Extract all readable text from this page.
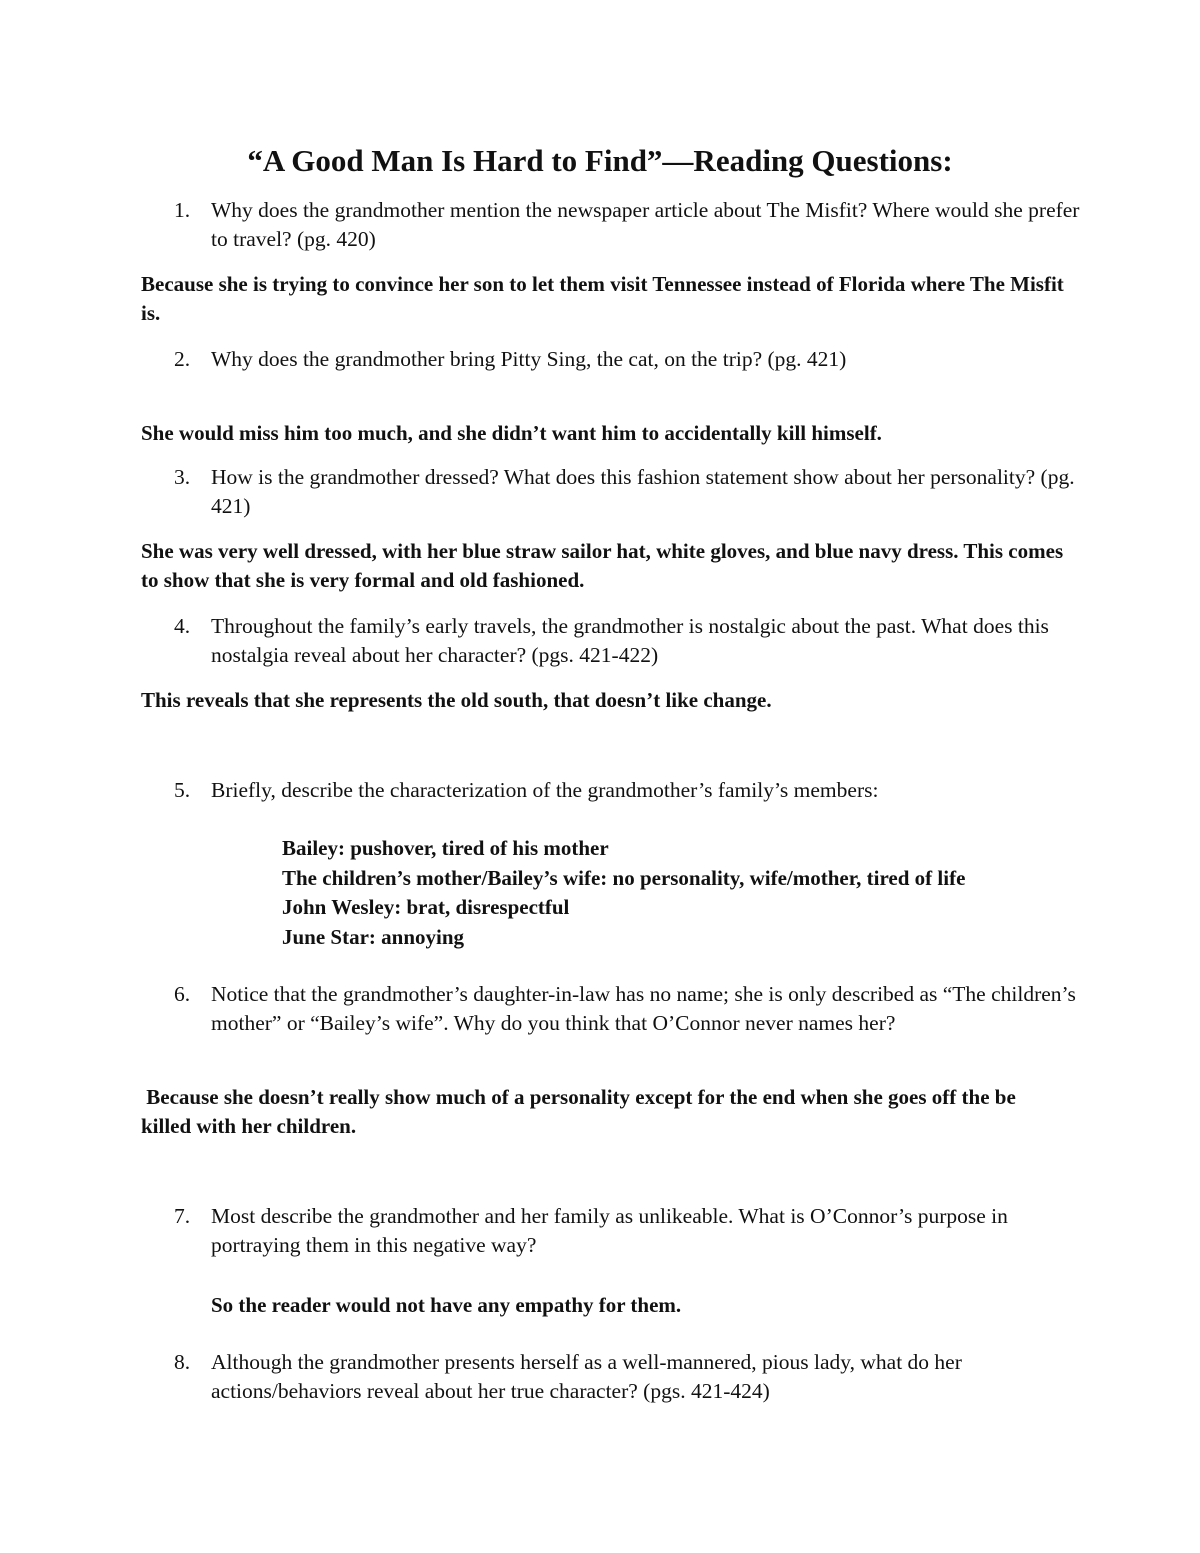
“A Good Man Is Hard to Find”—Reading Questions:
1. Why does the grandmother mention the newspaper article about The Misfit? Where would she prefer to travel? (pg. 420)
Because she is trying to convince her son to let them visit Tennessee instead of Florida where The Misfit is.
2. Why does the grandmother bring Pitty Sing, the cat, on the trip? (pg. 421)
She would miss him too much, and she didn’t want him to accidentally kill himself.
3. How is the grandmother dressed? What does this fashion statement show about her personality? (pg. 421)
She was very well dressed, with her blue straw sailor hat, white gloves, and blue navy dress. This comes to show that she is very formal and old fashioned.
4. Throughout the family’s early travels, the grandmother is nostalgic about the past. What does this nostalgia reveal about her character? (pgs. 421-422)
This reveals that she represents the old south, that doesn’t like change.
5. Briefly, describe the characterization of the grandmother’s family’s members:
Bailey: pushover, tired of his mother
The children’s mother/Bailey’s wife: no personality, wife/mother, tired of life
John Wesley: brat, disrespectful
June Star: annoying
6. Notice that the grandmother’s daughter-in-law has no name; she is only described as “The children’s mother” or “Bailey’s wife”. Why do you think that O’Connor never names her?
Because she doesn’t really show much of a personality except for the end when she goes off the be killed with her children.
7. Most describe the grandmother and her family as unlikeable. What is O’Connor’s purpose in portraying them in this negative way?
So the reader would not have any empathy for them.
8. Although the grandmother presents herself as a well-mannered, pious lady, what do her actions/behaviors reveal about her true character? (pgs. 421-424)
